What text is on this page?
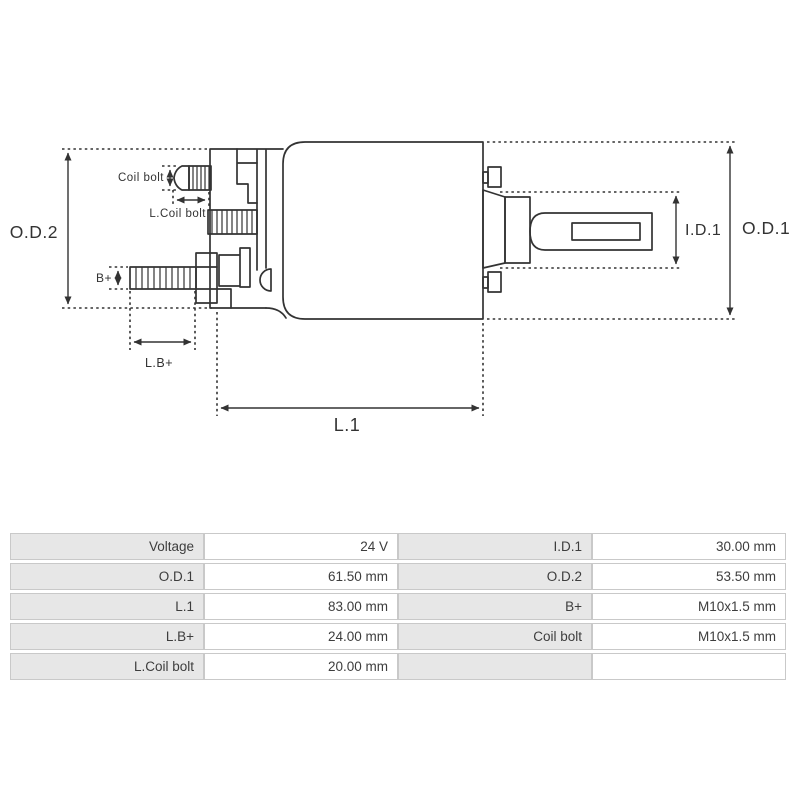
O.D.2
Coil bolt
L.Coil bolt
B+
L.B+
L.1
I.D.1 O.D.1
Voltage	24 V	I.D.1	30.00 mm
O.D.1	61.50 mm	O.D.2	53.50 mm
L.1	83.00 mm	B+	M10x1.5 mm
L.B+	24.00 mm	Coil bolt	M10x1.5 mm
L.Coil bolt	20.00 mm		
